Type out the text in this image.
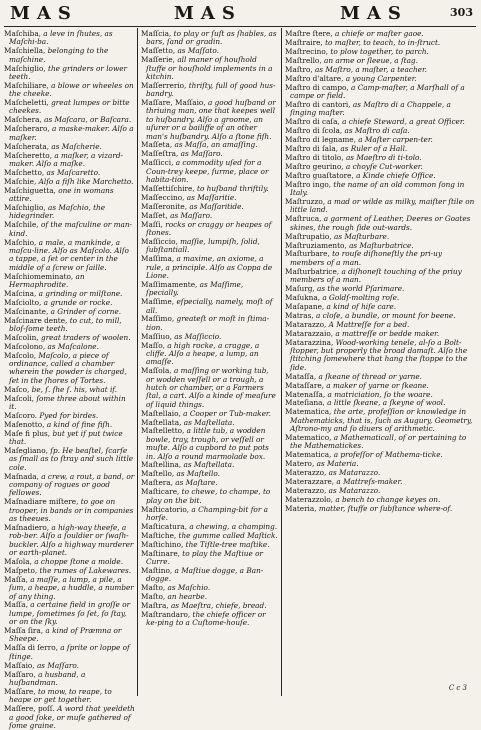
MAS	MAS	MAS	303
Maſchiba, a leve in ſhutes, as Maſchi-ba.
Maſchiella, belonging to the maſchine.
Maſchiglio, the grinders or lower teeth.
Maſchiliare, a blowe or wheeles on the cheeke.
Maſcheletti, great lumpes or bitte cheekes.
Maſchera, as Maſcara, or Baſcara.
Maſcheraro, a maske-maker. Alſo a maſker.
Maſcherata, as Maſcherie.
Maſcheretto, a maſker, a vizard-maker. Alſo a maſke.
Maſchetto, as Maſcaretto.
Maſchie, Alſo a fiſh like Marchetto.
Maſchiguetta, one in womans attire.
Maſchiglio, as Maſchio, the hidegrinder.
Maſchile, of the maſculine or man-kind.
Maſchio, a male, a mankinde, a maſcu-line. Alſo as Maſcolo. Alſo a tappe, a ſet or center in the middle of a ſcrew or ſaille.
Maſchiomeminato, an Hermaphrodite.
Maſcina, a grinding or milſtone.
Maſciolto, a grunde or rocke.
Maſcinante, a Grinder of corne.
Maſcinare dente, to cut, to mill, bloſ-ſome teeth.
Maſcolin, great traders of woolen.
Maſcolono, as Maſcalone.
Maſcolo, Maſcolo, a piece of ordinance, called a chamber wherein the powder is charged, ſet in the ſhores of Tortes.
Maſco, be, ſ. ſhe ſ. his, what if.
Maſcoli, ſome three about within it.
Maſcoro. Pyed for birdes.
Maſenotto, a kind of fine fiſh.
Maſe fi plus, but yet if put twice that.
Maſegliano, ſp. He beaſtel, ſcarſe as ſmall as to ſtray and such little cole.
Maſnada, a crew, a rout, a band, or company of rogues or good fellowes.
Maſnadiare miſtere, to goe on trooper, in bands or in companies as theeues.
Maſnadiero, a high-way theefe, a rob-ber. Alſo a ſouldier or ſwaſh-buckler. Alſo a highway murderer or earth-planet.
Maſola, a choppe ſtone a molde.
Maſpeto, the rumes of Lakewares.
Maſſa, a maſſe, a lump, a pile, a ſum, a heape, a huddle, a number of any thing.
Maſſa, a certaine field in groſſe or lumpe, ſometimes ſo ſet, ſo ſtay, or on the ſky.
Maſſa ſira, a kind of Præmna or Sheepe.
Maſſa di ſerro, a ſprite or loppe of ſtinge.
Maſſaio, as Maſſaro.
Maſſaro, a husband, a huſbandman.
Maſſare, to mow, to reape, to heape or get together.
Maſſere, poſſ. A word that yeeldeth a good ſoke, or muſe gathered of ſome graine.
Maſſcia, to play or ſuſt as ſhables, as bars, ſand or gradin.
Maſſetto, as Maſſato.
Maſſerie, all maner of houſhold ſtuffe or houſhold implements in a kitchin.
Maſſerrerio, thriſty, full of good hus-bandry.
Maſſare, Maſſaio, a good huſband or thriuing man, one that keepes well to huſbandry. Alſo a groome, an uſurer or a bailiffe of an other man's huſbandry. Alſo a ſtone fiſh.
Maſſeta, as Maſſa, an amaſſing.
Maſſeſtra, as Maſſaro.
Maſſicci, a commodity uſed for a Coun-trey keepe, ſurme, place or habita-tion.
Maſſettiſchire, to huſband thriftily.
Maſſeccino, as Maſſaritie.
Maſſeronite, as Maſſaritide.
Maſſet, as Maſſaro.
Maſſi, rocks or craggy or heapes of ſtones.
Maſſiccio, maſſie, lumpiſh, ſolid, ſubſtantiall.
Maſſima, a maxime, an axiome, a rule, a principle. Alſo as Coppa de Lione.
Maſſimamente, as Maſſime, ſpecially.
Maſſime, eſpecially, namely, moſt of all.
Maſſimo, greateſt or moſt in ſtima-tion.
Maſſiuo, as Maſſiccio.
Maſſo, a high rocke, a cragge, a cliffe. Alſo a heape, a lump, an amaſſe.
Maſſola, a maſſing or working tub, or wodden veſſell or a trough, a hutch or chamber, or a Farmers ſtal, a cart. Alſo a kinde of meaſure of liquid things.
Maſtellaio, a Cooper or Tub-maker.
Maſtellata, as Maſtellata.
Maſtelletto, a little tub, a wodden bowle, tray, trough, or veſſell or muſte. Alſo a cupbord to put pots in. Alſo a round marmolade box.
Maſtellina, as Maſtellata.
Maſtello, as Maſtello.
Maſtera, as Maſtare.
Maſticare, to chewe, to champe, to play on the bit.
Maſticatorio, a Champing-bit for a horſe.
Maſticatura, a chewing, a champing.
Maſtiche, the gumme called Maſtick.
Maſtichino, the Tiſtle-tree maſtike.
Maſtinare, to play the Maſtiue or Curre.
Maſtino, a Maſtiue dogge, a Ban-dogge.
Maſto, as Maſchio.
Maſto, an hearbe.
Maſtra, as Maeſtra, chiefe, bread.
Maſtrandaro, the chiefe officer or ke-ping to a Cuſtome-houſe.
Maſtre ſtere, a chiefe or maſter gaoe.
Maſtraire, to maſter, to teach, to in-ſtruct.
Maſtrecino, to plow together, to parch.
Maſtrello, an arme or ſleeue, a ſtag.
Maſtro, as Maſtro, a maſter, a teacher.
Maſtro d'altare, a young Carpenter.
Maſtro di campo, a Camp-maſter, a Marſhall of a campe or field.
Maſtro di cantori, as Maſtro di a Chappele, a ſinging maſter.
Maſtro di caſa, a chiefe Steward, a great Officer.
Maſtro di ſcola, as Maſtro di caſa.
Maſtro di legname, a Maſter carpen-ter.
Maſtro di ſala, as Ruler of a Hall.
Maſtro di titolo, as Maeſtro di ti-tolo.
Maſtro geurino, a choyſe Cut-worker.
Maſtro guaſtatore, a Kinde chiefe Office.
Maſtro ingo, the name of an old common ſong in Italy.
Maſtruzzo, a mad or wilde as milky, maiſter ſtile on little land.
Maſtruca, a garment of Leather, Deeres or Goates skines, the rough ſide out-wards.
Maſtrupatio, as Maſturbare.
Maſtruziamento, as Maſturbatrice.
Maſturbare, to rouſe diſhoneſtly the pri-uy members of a man.
Maſturbatrice, a diſhoneſt touching of the priuy members of a man.
Maſurg, as the world Pſarimare.
Maſukna, a Goldſ-molting roſe.
Maſapane, a kind of hiſe care.
Matras, a cloſe, a bundle, or mount for beene.
Matarazzo, A Mattreſſe for a bed.
Matarazzaio, a mattreſſe or bedde maker.
Matarazzina, Wood-working tenele, al-ſo a Bolt-ſtopper, but properly the broad damaſt. Alſo the ſtitching ſomewhere that hang the ſtoppe to the ſide.
Mataſſa, a ſkeane of thread or yarne.
Mataſſare, a maker of yarne or ſkeane.
Matenaſſa, a matriciation, ſo the woare.
Mateſiana, a little ſkeane, a ſkeyne of wool.
Matematica, the arte, profeſſion or knowledge in Mathematicks, that is, ſuch as Augury, Geometry, Aſtrono-my and ſo diuers of arithmetic.
Matematico, a Mathematicall, of or pertaining to the Mathematickes.
Matematica, a profeſſor of Mathema-ticke.
Matero, as Materia.
Materazzo, as Matarazzo.
Materazzare, a Mattreſs-maker.
Materazzo, as Matarazzo.
Materazzolo, a bench to change keyes on.
Materia, matter, ſtuffe or ſubſtance where-of.
C c 3
